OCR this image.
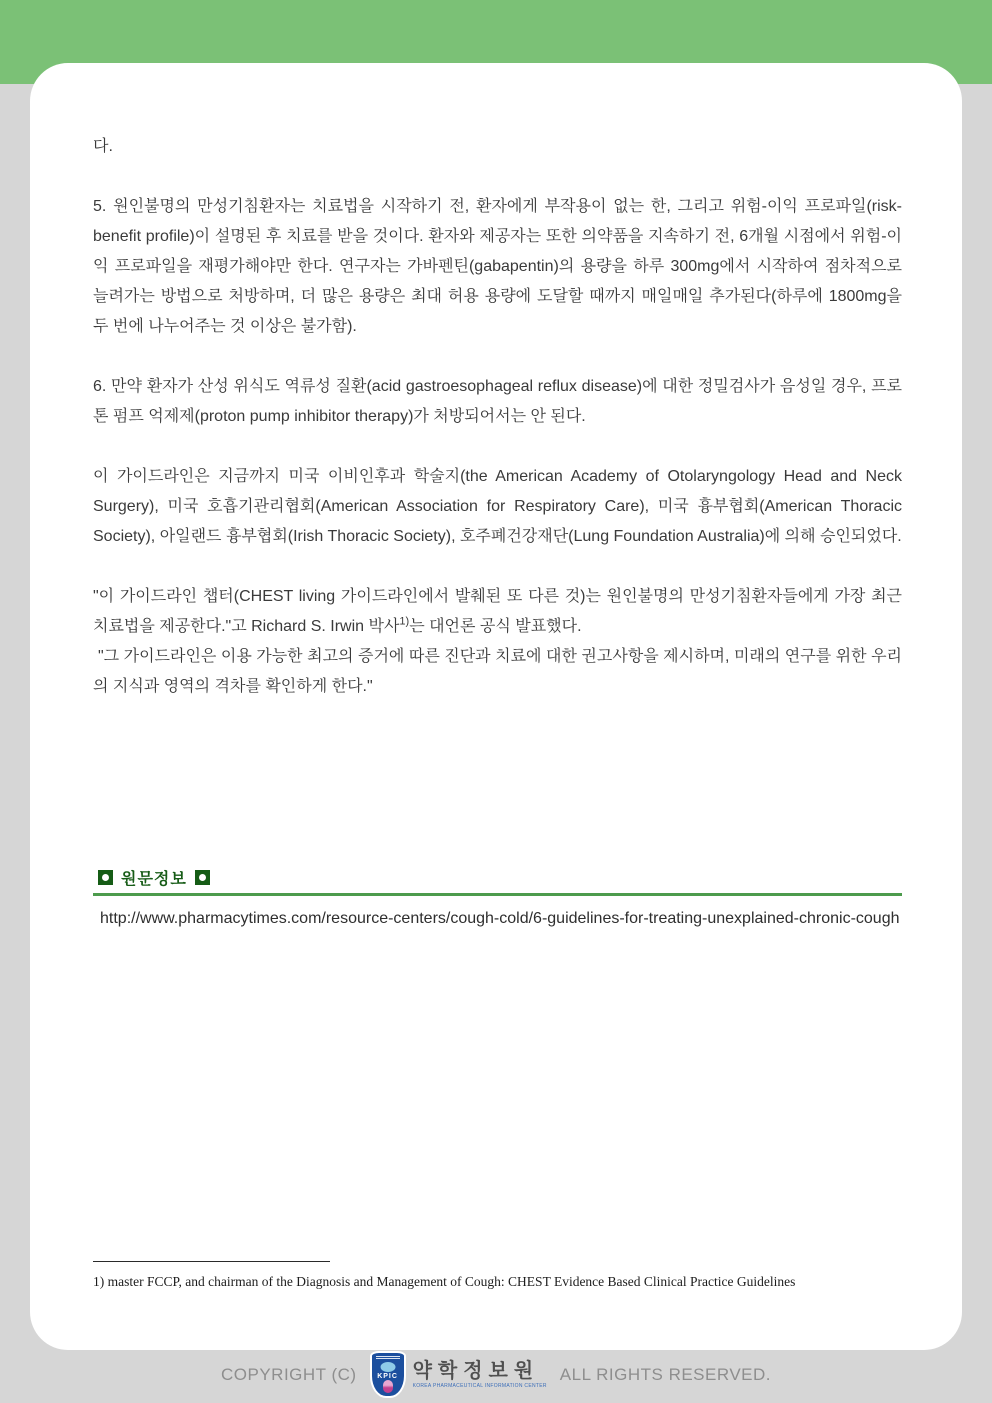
다.

5. 원인불명의 만성기침환자는 치료법을 시작하기 전, 환자에게 부작용이 없는 한, 그리고 위험-이익 프로파일(risk-benefit profile)이 설명된 후 치료를 받을 것이다. 환자와 제공자는 또한 의약품을 지속하기 전, 6개월 시점에서 위험-이익 프로파일을 재평가해야만 한다. 연구자는 가바펜틴(gabapentin)의 용량을 하루 300mg에서 시작하여 점차적으로 늘려가는 방법으로 처방하며, 더 많은 용량은 최대 허용 용량에 도달할 때까지 매일매일 추가된다(하루에 1800mg을 두 번에 나누어주는 것 이상은 불가함).

6. 만약 환자가 산성 위식도 역류성 질환(acid gastroesophageal reflux disease)에 대한 정밀검사가 음성일 경우, 프로톤 펌프 억제제(proton pump inhibitor therapy)가 처방되어서는 안 된다.

이 가이드라인은 지금까지 미국 이비인후과 학술지(the American Academy of Otolaryngology Head and Neck Surgery), 미국 호흡기관리협회(American Association for Respiratory Care), 미국 흉부협회(American Thoracic Society), 아일랜드 흉부협회(Irish Thoracic Society), 호주폐건강재단(Lung Foundation Australia)에 의해 승인되었다.

"이 가이드라인 챕터(CHEST living 가이드라인에서 발췌된 또 다른 것)는 원인불명의 만성기침환자들에게 가장 최근 치료법을 제공한다."고 Richard S. Irwin 박사$^{1)}$는 대언론 공식 발표했다.
"그 가이드라인은 이용 가능한 최고의 증거에 따른 진단과 치료에 대한 권고사항을 제시하며, 미래의 연구를 위한 우리의 지식과 영역의 격차를 확인하게 한다."

원문정보
http://www.pharmacytimes.com/resource-centers/cough-cold/6-guidelines-for-treating-unexplained-chronic-cough

1) master FCCP, and chairman of the Diagnosis and Management of Cough: CHEST Evidence Based Clinical Practice Guidelines

COPYRIGHT (C)	KPIC 약학정보원
KOREA PHARMACEUTICAL INFORMATION CENTER
ALL RIGHTS RESERVED.
